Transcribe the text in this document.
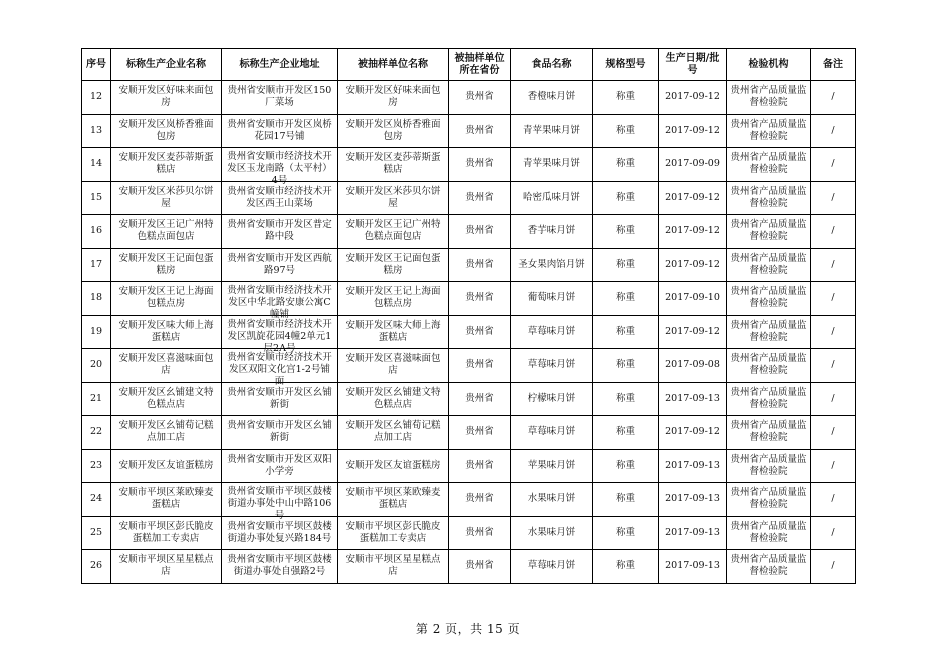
序号	标称生产企业名称	标称生产企业地址	被抽样单位名称	被抽样单位所在省份	食品名称	规格型号	生产日期/批号	检验机构	备注

12	安顺开发区好味来面包房	贵州省安顺市开发区150厂菜场	安顺开发区好味来面包房	贵州省	香橙味月饼	称重	2017-09-12	贵州省产品质量监督检验院	/

13	安顺开发区岚桥香雅面包房	贵州省安顺市开发区岚桥花园17号铺	安顺开发区岚桥香雅面包房	贵州省	青苹果味月饼	称重	2017-09-12	贵州省产品质量监督检验院	/

14	安顺开发区麦莎蒂斯蛋糕店	贵州省安顺市经济技术开发区玉龙南路（太平村）4号	安顺开发区麦莎蒂斯蛋糕店	贵州省	青苹果味月饼	称重	2017-09-09	贵州省产品质量监督检验院	/

15	安顺开发区米莎贝尔饼屋	贵州省安顺市经济技术开发区西王山菜场	安顺开发区米莎贝尔饼屋	贵州省	哈密瓜味月饼	称重	2017-09-12	贵州省产品质量监督检验院	/

16	安顺开发区王记广州特色糕点面包店	贵州省安顺市开发区普定路中段	安顺开发区王记广州特色糕点面包店	贵州省	香芋味月饼	称重	2017-09-12	贵州省产品质量监督检验院	/

17	安顺开发区王记面包蛋糕房	贵州省安顺市开发区西航路97号	安顺开发区王记面包蛋糕房	贵州省	圣女果肉馅月饼	称重	2017-09-12	贵州省产品质量监督检验院	/

18	安顺开发区王记上海面包糕点房	贵州省安顺市经济技术开发区中华北路安康公寓C幢铺	安顺开发区王记上海面包糕点房	贵州省	葡萄味月饼	称重	2017-09-10	贵州省产品质量监督检验院	/

19	安顺开发区味大师上海蛋糕店	贵州省安顺市经济技术开发区凯旋花园4幢2单元1层2A号	安顺开发区味大师上海蛋糕店	贵州省	草莓味月饼	称重	2017-09-12	贵州省产品质量监督检验院	/

20	安顺开发区喜滋味面包店	贵州省安顺市经济技术开发区双阳文化宫1-2号铺面	安顺开发区喜滋味面包店	贵州省	草莓味月饼	称重	2017-09-08	贵州省产品质量监督检验院	/

21	安顺开发区幺铺建文特色糕点店	贵州省安顺市开发区幺铺新街	安顺开发区幺铺建文特色糕点店	贵州省	柠檬味月饼	称重	2017-09-13	贵州省产品质量监督检验院	/

22	安顺开发区幺铺荀记糕点加工店	贵州省安顺市开发区幺铺新街	安顺开发区幺铺荀记糕点加工店	贵州省	草莓味月饼	称重	2017-09-12	贵州省产品质量监督检验院	/

23	安顺开发区友谊蛋糕房	贵州省安顺市开发区双阳小学旁	安顺开发区友谊蛋糕房	贵州省	苹果味月饼	称重	2017-09-13	贵州省产品质量监督检验院	/

24	安顺市平坝区莱欧臻麦蛋糕店	贵州省安顺市平坝区鼓楼街道办事处中山中路106号	安顺市平坝区莱欧臻麦蛋糕店	贵州省	水果味月饼	称重	2017-09-13	贵州省产品质量监督检验院	/

25	安顺市平坝区彭氏脆皮蛋糕加工专卖店	贵州省安顺市平坝区鼓楼街道办事处复兴路184号	安顺市平坝区彭氏脆皮蛋糕加工专卖店	贵州省	水果味月饼	称重	2017-09-13	贵州省产品质量监督检验院	/

26	安顺市平坝区星星糕点店	贵州省安顺市平坝区鼓楼街道办事处自强路2号	安顺市平坝区星星糕点店	贵州省	草莓味月饼	称重	2017-09-13	贵州省产品质量监督检验院	/
第 2 页，共 15 页
